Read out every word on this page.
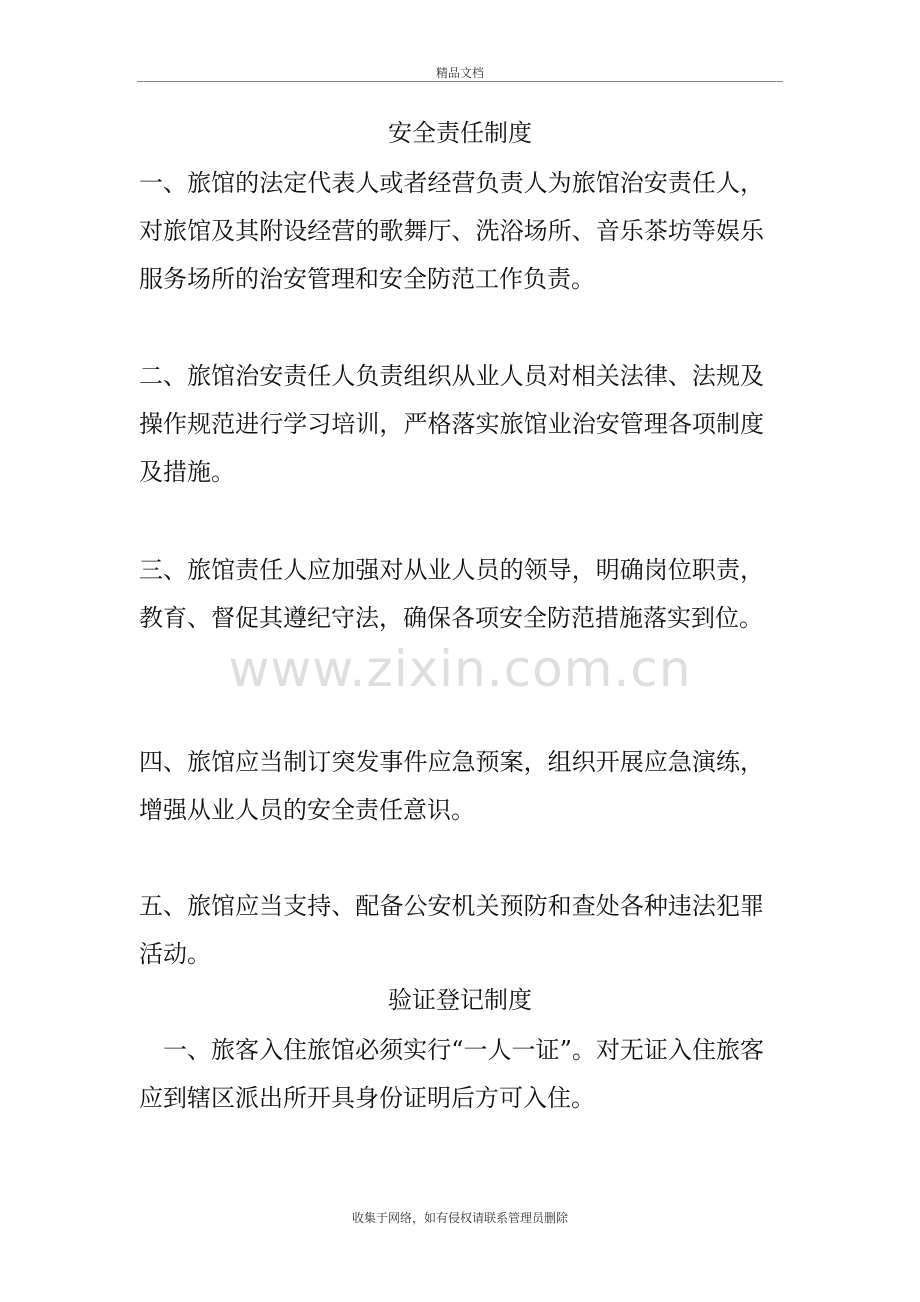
精品文档
www.zixin.com.cn
安全责任制度

一、旅馆的法定代表人或者经营负责人为旅馆治安责任人，对旅馆及其附设经营的歌舞厅、洗浴场所、音乐茶坊等娱乐服务场所的治安管理和安全防范工作负责。

二、旅馆治安责任人负责组织从业人员对相关法律、法规及操作规范进行学习培训，严格落实旅馆业治安管理各项制度及措施。

三、旅馆责任人应加强对从业人员的领导，明确岗位职责，教育、督促其遵纪守法，确保各项安全防范措施落实到位。

四、旅馆应当制订突发事件应急预案，组织开展应急演练，增强从业人员的安全责任意识。

五、旅馆应当支持、配备公安机关预防和查处各种违法犯罪活动。

验证登记制度

一、旅客入住旅馆必须实行“一人一证”。对无证入住旅客应到辖区派出所开具身份证明后方可入住。

收集于网络，如有侵权请联系管理员删除
